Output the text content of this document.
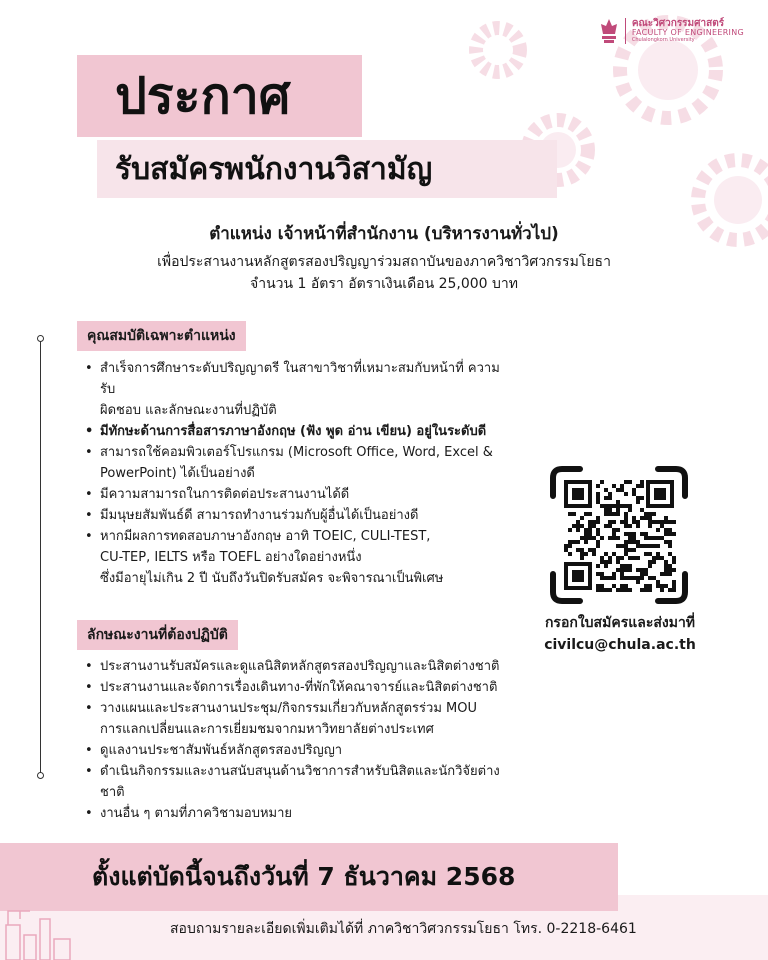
คณะวิศวกรรมศาสตร์
FACULTY OF ENGINEERING
Chulalongkorn University
ประกาศ
รับสมัครพนักงานวิสามัญ
ตำแหน่ง เจ้าหน้าที่สำนักงาน (บริหารงานทั่วไป)
เพื่อประสานงานหลักสูตรสองปริญญาร่วมสถาบันของภาควิชาวิศวกรรมโยธา
จำนวน 1 อัตรา อัตราเงินเดือน 25,000 บาท
คุณสมบัติเฉพาะตำแหน่ง
• สำเร็จการศึกษาระดับปริญญาตรี ในสาขาวิชาที่เหมาะสมกับหน้าที่ ความรับ
ผิดชอบ และลักษณะงานที่ปฏิบัติ
• มีทักษะด้านการสื่อสารภาษาอังกฤษ (ฟัง พูด อ่าน เขียน) อยู่ในระดับดี
• สามารถใช้คอมพิวเตอร์โปรแกรม (Microsoft Office, Word, Excel &
PowerPoint) ได้เป็นอย่างดี
• มีความสามารถในการติดต่อประสานงานได้ดี
• มีมนุษยสัมพันธ์ดี สามารถทำงานร่วมกับผู้อื่นได้เป็นอย่างดี
• หากมีผลการทดสอบภาษาอังกฤษ อาทิ TOEIC, CULI-TEST,
CU-TEP, IELTS หรือ TOEFL อย่างใดอย่างหนึ่ง
ซึ่งมีอายุไม่เกิน 2 ปี นับถึงวันปิดรับสมัคร จะพิจารณาเป็นพิเศษ
ลักษณะงานที่ต้องปฏิบัติ
• ประสานงานรับสมัครและดูแลนิสิตหลักสูตรสองปริญญาและนิสิตต่างชาติ
• ประสานงานและจัดการเรื่องเดินทาง-ที่พักให้คณาจารย์และนิสิตต่างชาติ
• วางแผนและประสานงานประชุม/กิจกรรมเกี่ยวกับหลักสูตรร่วม MOU
การแลกเปลี่ยนและการเยี่ยมชมจากมหาวิทยาลัยต่างประเทศ
• ดูแลงานประชาสัมพันธ์หลักสูตรสองปริญญา
• ดำเนินกิจกรรมและงานสนับสนุนด้านวิชาการสำหรับนิสิตและนักวิจัยต่างชาติ
• งานอื่น ๆ ตามที่ภาควิชามอบหมาย
กรอกใบสมัครและส่งมาที่
civilcu@chula.ac.th
ตั้งแต่บัดนี้จนถึงวันที่ 7 ธันวาคม 2568
สอบถามรายละเอียดเพิ่มเติมได้ที่ ภาควิชาวิศวกรรมโยธา โทร. 0-2218-6461
